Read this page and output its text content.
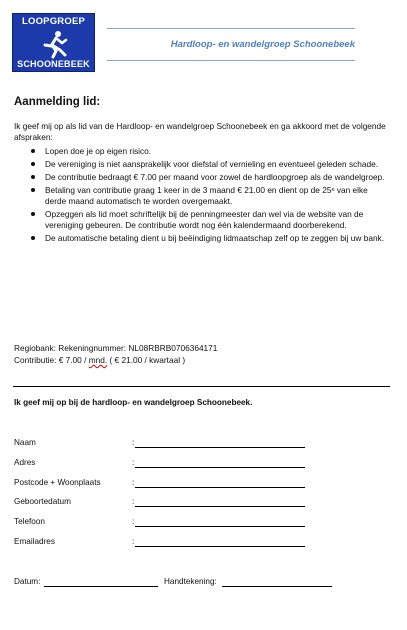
LOOPGROEP
SCHOONEBEEK
Hardloop- en wandelgroep Schoonebeek
Aanmelding lid:

Ik geef mij op als lid van de Hardloop- en wandelgroep Schoonebeek en ga akkoord met de volgende afspraken:

Lopen doe je op eigen risico.
De vereniging is niet aansprakelijk voor diefstal of vernieling en eventueel geleden schade.
De contributie bedraagt € 7.00 per maand voor zowel de hardloopgroep als de wandelgroep.
Betaling van contributie graag 1 keer in de 3 maand € 21.00 en dient op de 25ᵉ van elke derde maand automatisch te worden overgemaakt.
Opzeggen als lid moet schriftelijk bij de penningmeester dan wel via de website van de vereniging gebeuren. De contributie wordt nog één kalendermaand doorberekend.
De automatische betaling dient u bij beëindiging lidmaatschap zelf op te zeggen bij uw bank.
Regiobank: Rekeningnummer: NL08RBRB0706364171
Contributie: € 7.00 / mnd. ( € 21.00 / kwartaal )
Ik geef mij op bij de hardloop- en wandelgroep Schoonebeek.
Naam	:
Adres	:
Postcode + Woonplaats	:
Geboortedatum	:
Telefoon	:
Emailadres	:
Datum:	Handtekening:
